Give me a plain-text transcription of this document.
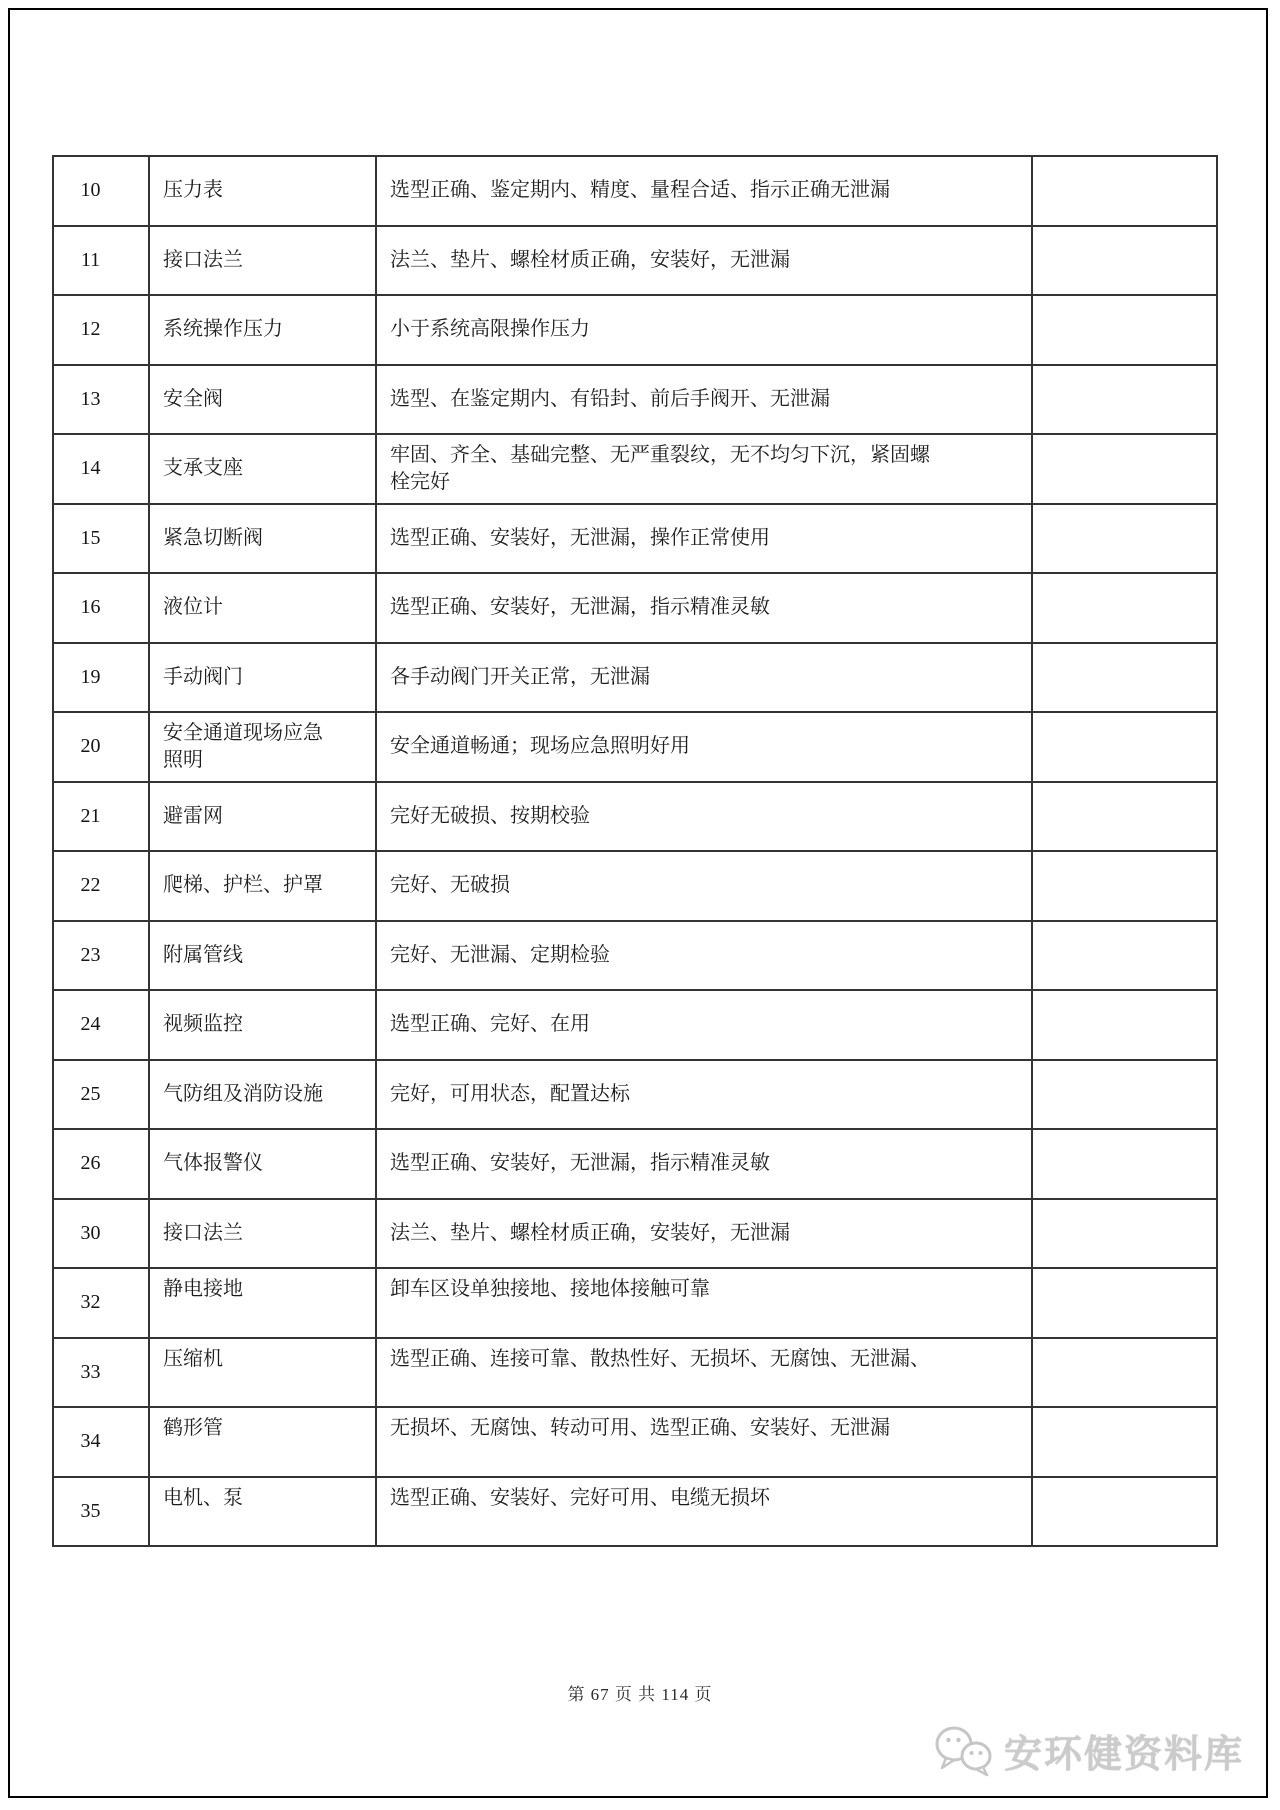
10	压力表	选型正确、鉴定期内、精度、量程合适、指示正确无泄漏	
11	接口法兰	法兰、垫片、螺栓材质正确，安装好，无泄漏	
12	系统操作压力	小于系统高限操作压力	
13	安全阀	选型、在鉴定期内、有铅封、前后手阀开、无泄漏	
14	支承支座	牢固、齐全、基础完整、无严重裂纹，无不均匀下沉，紧固螺栓完好	
15	紧急切断阀	选型正确、安装好，无泄漏，操作正常使用	
16	液位计	选型正确、安装好，无泄漏，指示精准灵敏	
19	手动阀门	各手动阀门开关正常，无泄漏	
20	安全通道现场应急照明	安全通道畅通；现场应急照明好用	
21	避雷网	完好无破损、按期校验	
22	爬梯、护栏、护罩	完好、无破损	
23	附属管线	完好、无泄漏、定期检验	
24	视频监控	选型正确、完好、在用	
25	气防组及消防设施	完好，可用状态，配置达标	
26	气体报警仪	选型正确、安装好，无泄漏，指示精准灵敏	
30	接口法兰	法兰、垫片、螺栓材质正确，安装好，无泄漏	
32	静电接地	卸车区设单独接地、接地体接触可靠	
33	压缩机	选型正确、连接可靠、散热性好、无损坏、无腐蚀、无泄漏、	
34	鹤形管	无损坏、无腐蚀、转动可用、选型正确、安装好、无泄漏	
35	电机、泵	选型正确、安装好、完好可用、电缆无损坏	
第 67 页 共 114 页
安环健资料库
